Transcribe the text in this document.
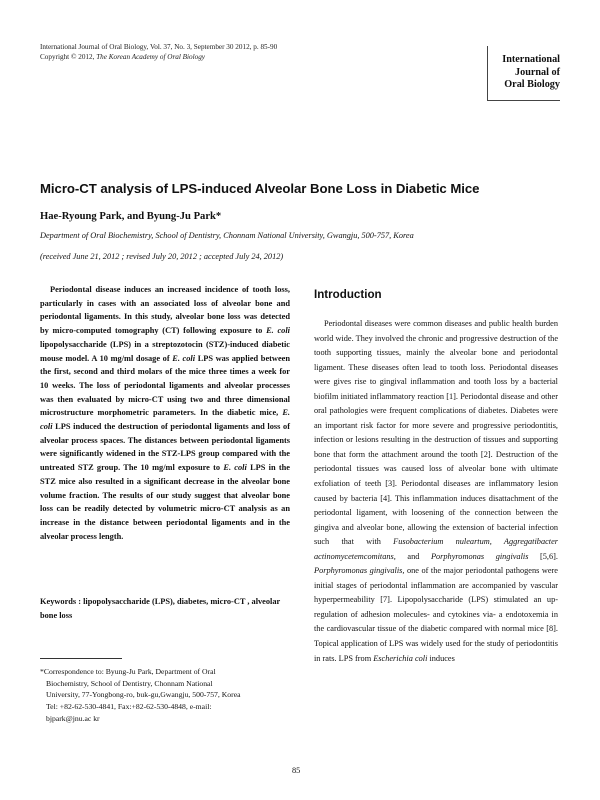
International Journal of Oral Biology, Vol. 37, No. 3, September 30 2012, p. 85-90
Copyright © 2012, The Korean Academy of Oral Biology	International
Journal of
Oral Biology
Micro-CT analysis of LPS-induced Alveolar Bone Loss in Diabetic Mice
Hae-Ryoung Park, and Byung-Ju Park*
Department of Oral Biochemistry, School of Dentistry, Chonnam National University, Gwangju, 500-757, Korea
(received June 21, 2012 ; revised July 20, 2012 ; accepted July 24, 2012)

Periodontal disease induces an increased incidence of tooth loss, particularly in cases with an associated loss of alveolar bone and periodontal ligaments. In this study, alveolar bone loss was detected by micro-computed tomography (CT) following exposure to E. coli lipopolysaccharide (LPS) in a streptozotocin (STZ)-induced diabetic mouse model. A 10 mg/ml dosage of E. coli LPS was applied between the first, second and third molars of the mice three times a week for 10 weeks. The loss of periodontal ligaments and alveolar processes was then evaluated by micro-CT using two and three dimensional microstructure morphometric parameters. In the diabetic mice, E. coli LPS induced the destruction of periodontal ligaments and loss of alveolar process spaces. The distances between periodontal ligaments were significantly widened in the STZ-LPS group compared with the untreated STZ group. The 10 mg/ml exposure to E. coli LPS in the STZ mice also resulted in a significant decrease in the alveolar bone volume fraction. The results of our study suggest that alveolar bone loss can be readily detected by volumetric micro-CT analysis as an increase in the distance between periodontal ligaments and in the alveolar process length.

Keywords : lipopolysaccharide (LPS), diabetes, micro-CT , alveolar bone loss
*Correspondence to: Byung-Ju Park, Department of Oral
Biochemistry, School of Dentistry, Chonnam National
University, 77-Yongbong-ro, buk-gu,Gwangju, 500-757, Korea
Tel: +82-62-530-4841, Fax:+82-62-530-4848, e-mail:
bjpark@jnu.ac kr
Introduction

Periodontal diseases were common diseases and public health burden world wide. They involved the chronic and progressive destruction of the tooth supporting tissues, mainly the alveolar bone and periodontal ligament. These diseases often lead to tooth loss. Periodontal diseases were gives rise to gingival inflammation and tooth loss by a bacterial biofilm initiated inflammatory reaction [1]. Periodontal disease and other oral pathologies were frequent complications of diabetes. Diabetes were an important risk factor for more severe and progressive periodontitis, infection or lesions resulting in the destruction of tissues and supporting bone that form the attachment around the tooth [2]. Destruction of the periodontal tissues was caused loss of alveolar bone with ultimate exfoliation of teeth [3]. Periodontal diseases are inflammatory lesion caused by bacteria [4]. This inflammation induces disattachment of the periodontal ligament, with loosening of the connection between the gingiva and alveolar bone, allowing the extension of bacterial infection such that with Fusobacterium nuleartum, Aggregatibacter actinomycetemcomitans, and Porphyromonas gingivalis [5,6]. Porphyromonas gingivalis, one of the major periodontal pathogens were initial stages of periodontal inflammation are accompanied by vascular hyperpermeability [7]. Lipopolysaccharide (LPS) stimulated an up-regulation of adhesion molecules- and cytokines via- a endotoxemia in the cardiovascular tissue of the diabetic compared with normal mice [8]. Topical application of LPS was widely used for the study of periodontitis in rats. LPS from Escherichia coli induces

85
